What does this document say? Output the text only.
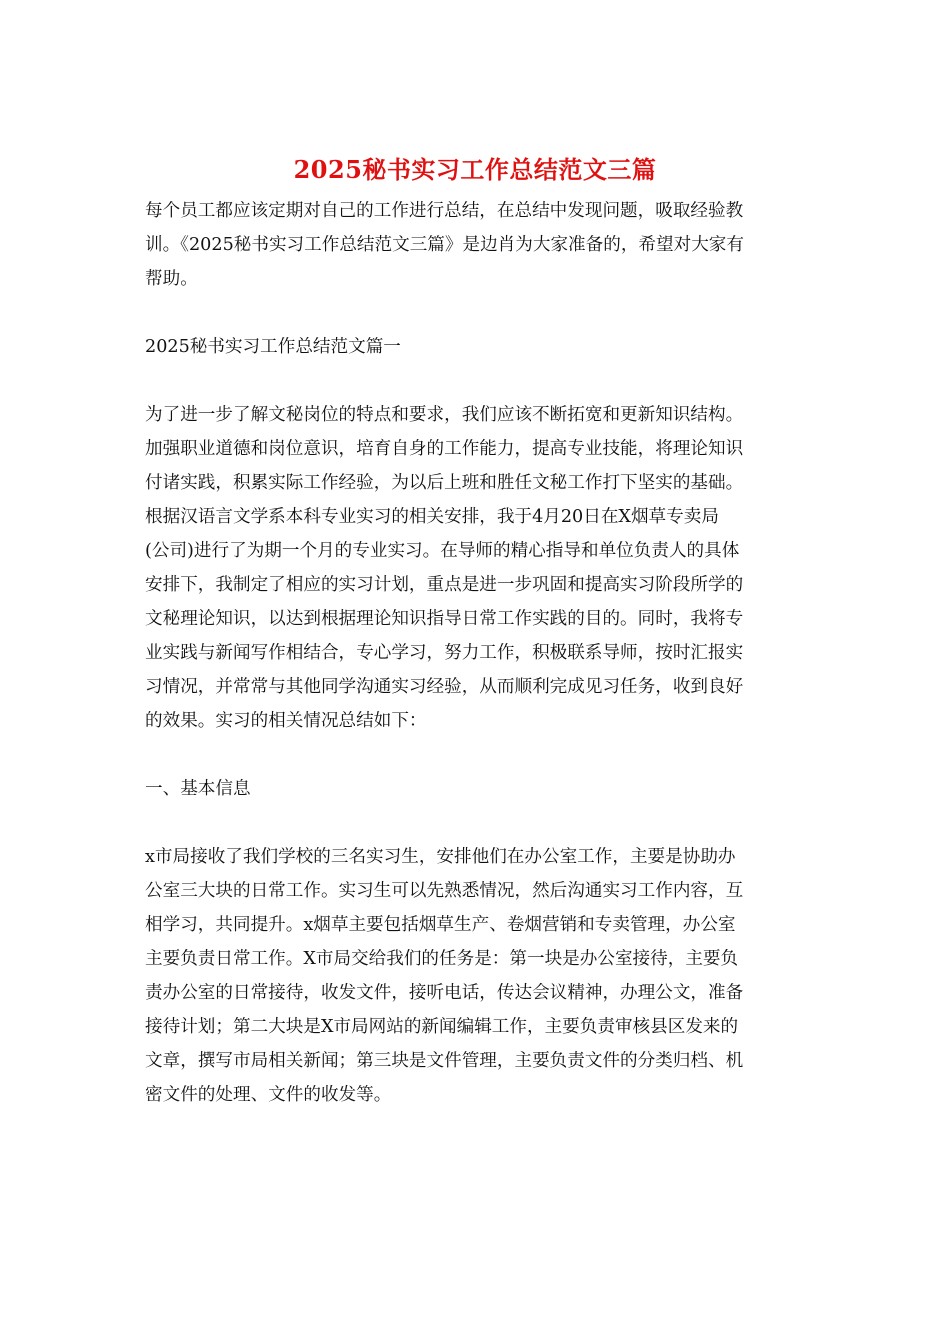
2025秘书实习工作总结范文三篇
每个员工都应该定期对自己的工作进行总结，在总结中发现问题，吸取经验教
训。《2025秘书实习工作总结范文三篇》是边肖为大家准备的，希望对大家有
帮助。
2025秘书实习工作总结范文篇一
为了进一步了解文秘岗位的特点和要求，我们应该不断拓宽和更新知识结构。
加强职业道德和岗位意识，培育自身的工作能力，提高专业技能，将理论知识
付诸实践，积累实际工作经验，为以后上班和胜任文秘工作打下坚实的基础。
根据汉语言文学系本科专业实习的相关安排，我于4月20日在X烟草专卖局
(公司)进行了为期一个月的专业实习。在导师的精心指导和单位负责人的具体
安排下，我制定了相应的实习计划，重点是进一步巩固和提高实习阶段所学的
文秘理论知识，以达到根据理论知识指导日常工作实践的目的。同时，我将专
业实践与新闻写作相结合，专心学习，努力工作，积极联系导师，按时汇报实
习情况，并常常与其他同学沟通实习经验，从而顺利完成见习任务，收到良好
的效果。实习的相关情况总结如下：
一、基本信息
x市局接收了我们学校的三名实习生，安排他们在办公室工作，主要是协助办
公室三大块的日常工作。实习生可以先熟悉情况，然后沟通实习工作内容，互
相学习，共同提升。x烟草主要包括烟草生产、卷烟营销和专卖管理，办公室
主要负责日常工作。X市局交给我们的任务是：第一块是办公室接待，主要负
责办公室的日常接待，收发文件，接听电话，传达会议精神，办理公文，准备
接待计划；第二大块是X市局网站的新闻编辑工作，主要负责审核县区发来的
文章，撰写市局相关新闻；第三块是文件管理，主要负责文件的分类归档、机
密文件的处理、文件的收发等。
